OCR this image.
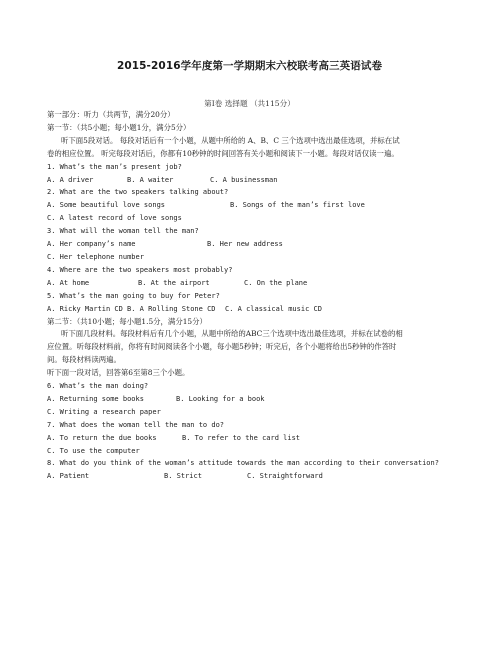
2015-2016学年度第一学期期末六校联考高三英语试卷
第Ⅰ卷 选择题 （共115分）
第一部分：听力（共两节，满分20分）
第一节：（共5小题；每小题1分，满分5分）
听下面5段对话。 每段对话后有一个小题，从题中所给的 A、B、C 三个选项中选出最佳选项，并标在试
卷的相应位置。 听完每段对话后，你都有10秒钟的时间回答有关小题和阅读下一小题。每段对话仅读一遍。
1. What’s the man’s present job?
A. A driver	B. A waiter	C. A businessman
2. What are the two speakers talking about?
A. Some beautiful love songs	B. Songs of the man’s first love
C. A latest record of love songs
3. What will the woman tell the man?
A. Her company’s name	B. Her new address
C. Her telephone number
4. Where are the two speakers most probably?
A. At home	B. At the airport	C. On the plane
5. What’s the man going to buy for Peter?
A. Ricky Martin CD B. A Rolling Stone CD C. A classical music CD
第二节：（共10小题；每小题1.5分，满分15分）
听下面几段材料。每段材料后有几个小题，从题中所给的ABC三个选项中选出最佳选项，并标在试卷的相
应位置。听每段材料前，你将有时间阅读各个小题，每小题5秒钟；听完后，各个小题将给出5秒钟的作答时
间。每段材料读两遍。
听下面一段对话，回答第6至第8三个小题。
6. What’s the man doing?
A. Returning some books	B. Looking for a book
C. Writing a research paper
7. What does the woman tell the man to do?
A. To return the due books	B. To refer to the card list
C. To use the computer
8. What do you think of the woman’s attitude towards the man according to their conversation?
A. Patient	B. Strict	C. Straightforward
